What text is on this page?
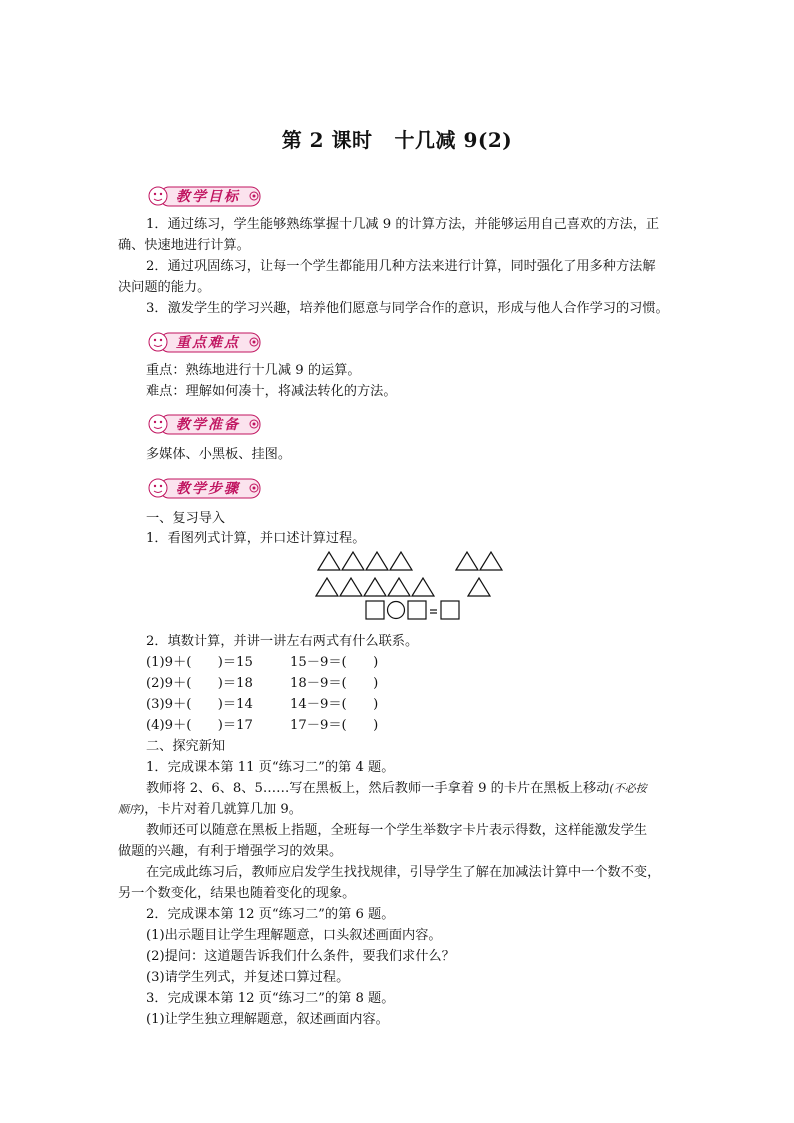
第 2 课时 十几减 9(2)
教学目标
1．通过练习，学生能够熟练掌握十几减 9 的计算方法，并能够运用自己喜欢的方法，正
确、快速地进行计算。
2．通过巩固练习，让每一个学生都能用几种方法来进行计算，同时强化了用多种方法解
决问题的能力。
3．激发学生的学习兴趣，培养他们愿意与同学合作的意识，形成与他人合作学习的习惯。
重点难点
重点：熟练地进行十几减 9 的运算。
难点：理解如何凑十，将减法转化的方法。
教学准备
多媒体、小黑板、挂图。
教学步骤
一、复习导入
1．看图列式计算，并口述计算过程。
2．填数计算，并讲一讲左右两式有什么联系。
(1)9＋(　　)＝15	15－9＝(　　)
(2)9＋(　　)＝18	18－9＝(　　)
(3)9＋(　　)＝14	14－9＝(　　)
(4)9＋(　　)＝17	17－9＝(　　)
二、探究新知
1．完成课本第 11 页“练习二”的第 4 题。
教师将 2、6、8、5……写在黑板上，然后教师一手拿着 9 的卡片在黑板上移动(不必按
顺序)，卡片对着几就算几加 9。
教师还可以随意在黑板上指题，全班每一个学生举数字卡片表示得数，这样能激发学生
做题的兴趣，有利于增强学习的效果。
在完成此练习后，教师应启发学生找找规律，引导学生了解在加减法计算中一个数不变，
另一个数变化，结果也随着变化的现象。
2．完成课本第 12 页“练习二”的第 6 题。
(1)出示题目让学生理解题意，口头叙述画面内容。
(2)提问：这道题告诉我们什么条件，要我们求什么？
(3)请学生列式，并复述口算过程。
3．完成课本第 12 页“练习二”的第 8 题。
(1)让学生独立理解题意，叙述画面内容。
